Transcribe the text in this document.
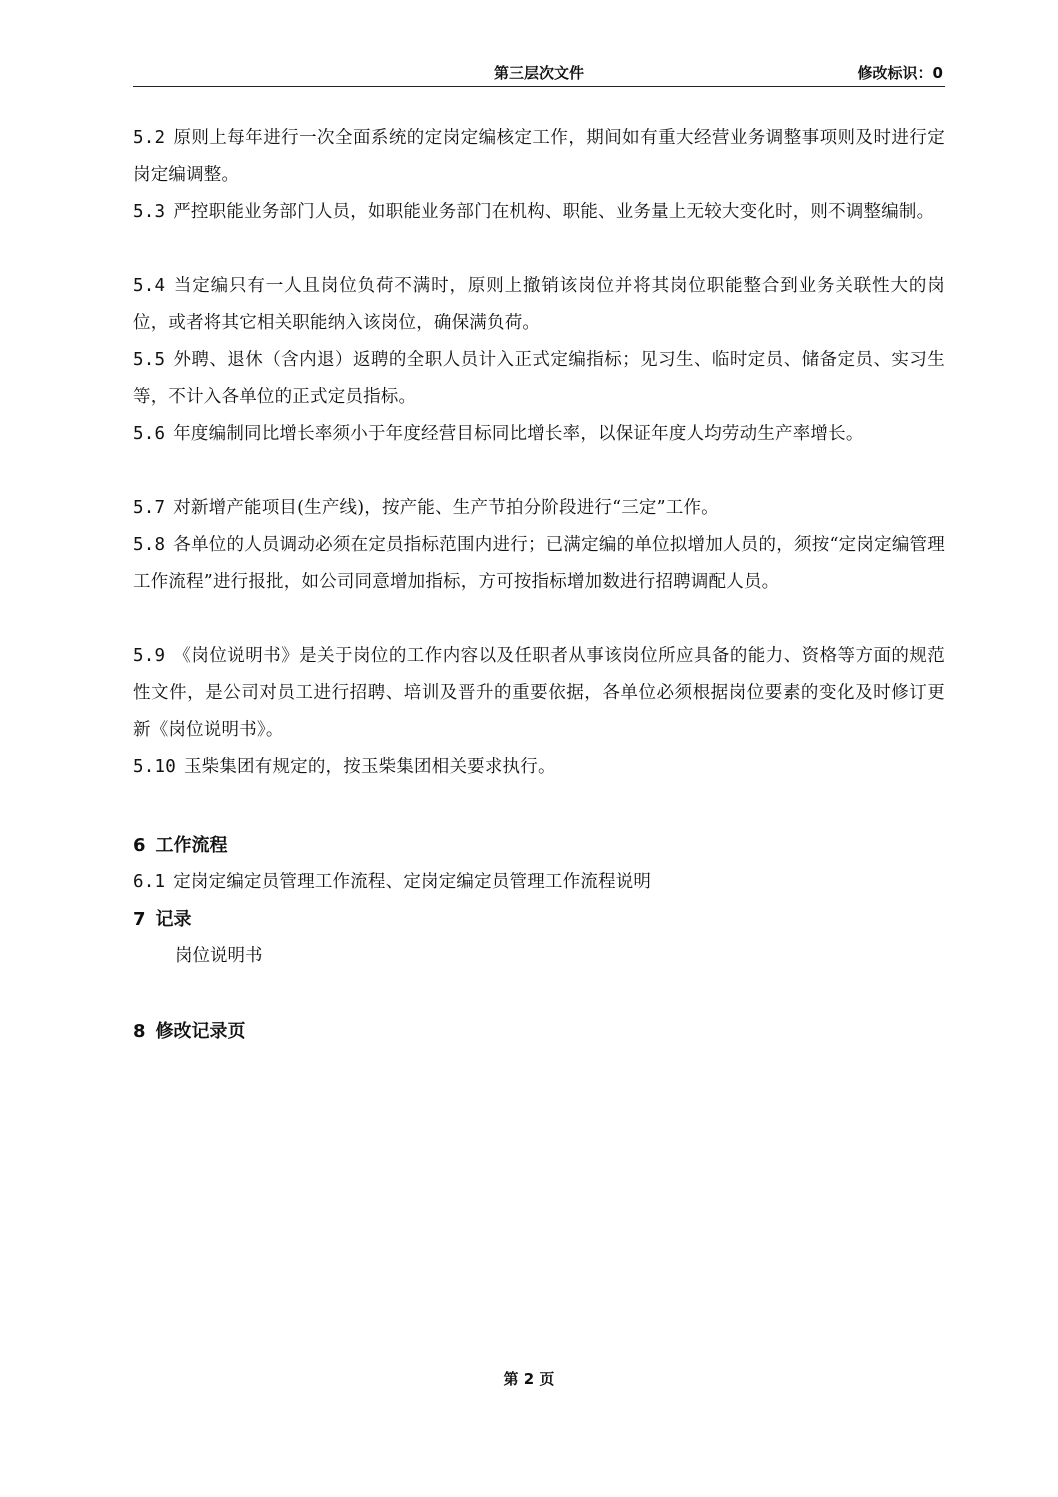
第三层次文件	修改标识：0

5.2 原则上每年进行一次全面系统的定岗定编核定工作，期间如有重大经营业务调整事项则及时进行定岗定编调整。

5.3 严控职能业务部门人员，如职能业务部门在机构、职能、业务量上无较大变化时，则不调整编制。

5.4 当定编只有一人且岗位负荷不满时，原则上撤销该岗位并将其岗位职能整合到业务关联性大的岗位，或者将其它相关职能纳入该岗位，确保满负荷。

5.5 外聘、退休（含内退）返聘的全职人员计入正式定编指标；见习生、临时定员、储备定员、实习生等，不计入各单位的正式定员指标。

5.6 年度编制同比增长率须小于年度经营目标同比增长率，以保证年度人均劳动生产率增长。

5.7 对新增产能项目(生产线)，按产能、生产节拍分阶段进行“三定”工作。

5.8 各单位的人员调动必须在定员指标范围内进行；已满定编的单位拟增加人员的，须按“定岗定编管理工作流程”进行报批，如公司同意增加指标，方可按指标增加数进行招聘调配人员。

5.9 《岗位说明书》是关于岗位的工作内容以及任职者从事该岗位所应具备的能力、资格等方面的规范性文件，是公司对员工进行招聘、培训及晋升的重要依据，各单位必须根据岗位要素的变化及时修订更新《岗位说明书》。

5.10 玉柴集团有规定的，按玉柴集团相关要求执行。

6 工作流程

6.1 定岗定编定员管理工作流程、定岗定编定员管理工作流程说明

7 记录

岗位说明书

8 修改记录页

第 2 页
